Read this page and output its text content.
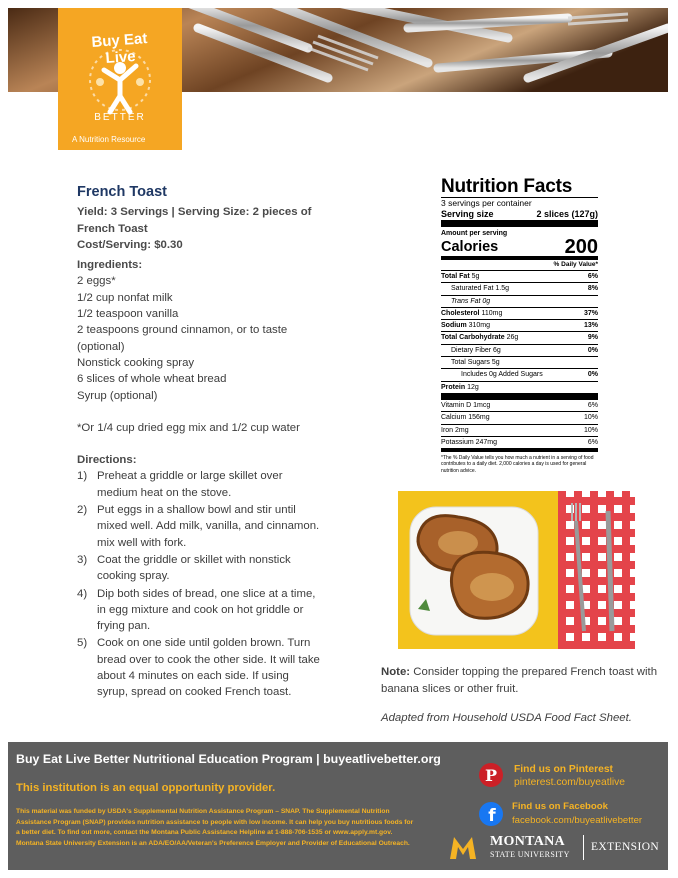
Buy Eat Live
BETTER
A Nutrition Resource
French Toast
Yield: 3 Servings | Serving Size: 2 pieces of French Toast
Cost/Serving: $0.30
Ingredients:
2 eggs*
1/2 cup nonfat milk
1/2 teaspoon vanilla
2 teaspoons ground cinnamon, or to taste (optional)
Nonstick cooking spray
6 slices of whole wheat bread
Syrup (optional)
*Or 1/4 cup dried egg mix and 1/2 cup water
Directions:
1) Preheat a griddle or large skillet over medium heat on the stove.
2) Put eggs in a shallow bowl and stir until mixed well. Add milk, vanilla, and cinnamon. mix well with fork.
3) Coat the griddle or skillet with nonstick cooking spray.
4) Dip both sides of bread, one slice at a time, in egg mixture and cook on hot griddle or frying pan.
5) Cook on one side until golden brown. Turn bread over to cook the other side. It will take about 4 minutes on each side. If using syrup, spread on cooked French toast.
Nutrition Facts
3 servings per container
Serving size	2 slices (127g)
Amount per serving
Calories	200
% Daily Value*
Total Fat 5g	6%
Saturated Fat 1.5g	8%
Trans Fat 0g
Cholesterol 110mg	37%
Sodium 310mg	13%
Total Carbohydrate 26g	9%
Dietary Fiber 6g	0%
Total Sugars 5g
Includes 0g Added Sugars	0%
Protein 12g
Vitamin D 1mcg	6%
Calcium 156mg	10%
Iron 2mg	10%
Potassium 247mg	6%
*The % Daily Value tells you how much a nutrient in a serving of food contributes to a daily diet. 2,000 calories a day is used for general nutrition advice.
Note: Consider topping the prepared French toast with banana slices or other fruit.
Adapted from Household USDA Food Fact Sheet.
Buy Eat Live Better Nutritional Education Program | buyeatlivebetter.org
This institution is an equal opportunity provider.
This material was funded by USDA's Supplemental Nutrition Assistance Program – SNAP. The Supplemental Nutrition Assistance Program (SNAP) provides nutrition assistance to people with low income. It can help you buy nutritious foods for a better diet. To find out more, contact the Montana Public Assistance Helpline at 1-888-706-1535 or www.apply.mt.gov. Montana State University Extension is an ADA/EO/AA/Veteran's Preference Employer and Provider of Educational Outreach.
P Find us on Pinterest
pinterest.com/buyeatlive
f Find us on Facebook
facebook.com/buyeatlivebetter
MONTANA
STATE UNIVERSITY
EXTENSION
